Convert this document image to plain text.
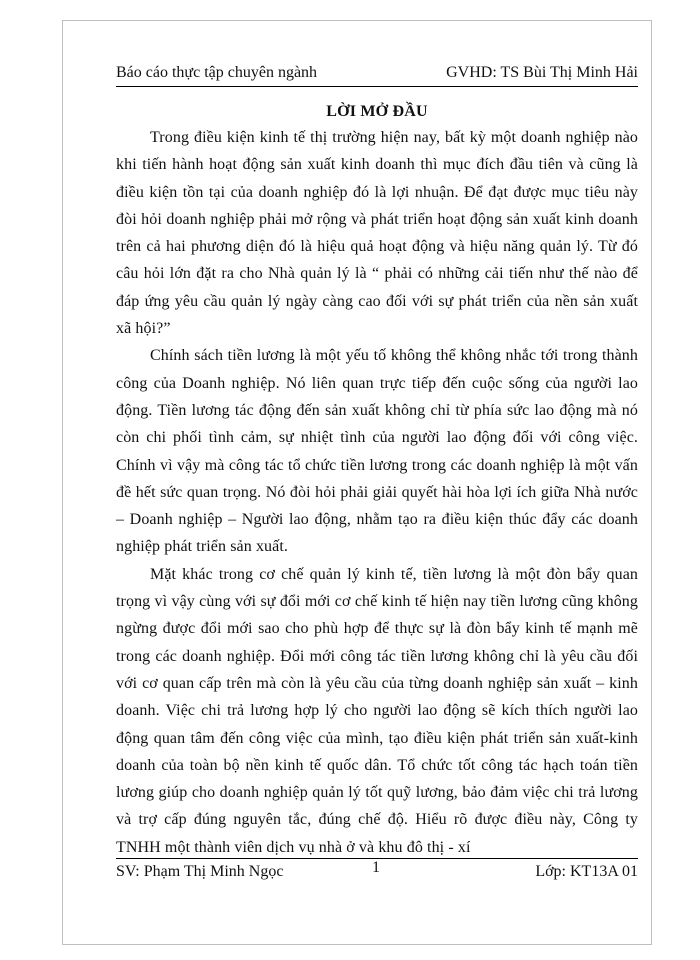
Báo cáo thực tập chuyên ngành	GVHD: TS Bùi Thị Minh Hải
LỜI MỞ ĐẦU

Trong điều kiện kinh tế thị trường hiện nay, bất kỳ một doanh nghiệp nào khi tiến hành hoạt động sản xuất kinh doanh thì mục đích đầu tiên và cũng là điều kiện tồn tại của doanh nghiệp đó là lợi nhuận. Để đạt được mục tiêu này đòi hỏi doanh nghiệp phải mở rộng và phát triển hoạt động sản xuất kinh doanh trên cả hai phương diện đó là hiệu quả hoạt động và hiệu năng quản lý. Từ đó câu hỏi lớn đặt ra cho Nhà quản lý là “ phải có những cải tiến như thế nào để đáp ứng yêu cầu quản lý ngày càng cao đối với sự phát triển của nền sản xuất xã hội?”

Chính sách tiền lương là một yếu tố không thể không nhắc tới trong thành công của Doanh nghiệp. Nó liên quan trực tiếp đến cuộc sống của người lao động. Tiền lương tác động đến sản xuất không chỉ từ phía sức lao động mà nó còn chi phối tình cảm, sự nhiệt tình của người lao động đối với công việc. Chính vì vậy mà công tác tổ chức tiền lương trong các doanh nghiệp là một vấn đề hết sức quan trọng. Nó đòi hỏi phải giải quyết hài hòa lợi ích giữa Nhà nước – Doanh nghiệp – Người lao động, nhằm tạo ra điều kiện thúc đẩy các doanh nghiệp phát triển sản xuất.

Mặt khác trong cơ chế quản lý kinh tế, tiền lương là một đòn bẩy quan trọng vì vậy cùng với sự đổi mới cơ chế kinh tế hiện nay tiền lương cũng không ngừng được đổi mới sao cho phù hợp để thực sự là đòn bẩy kinh tế mạnh mẽ trong các doanh nghiệp. Đổi mới công tác tiền lương không chỉ là yêu cầu đối với cơ quan cấp trên mà còn là yêu cầu của từng doanh nghiệp sản xuất – kinh doanh. Việc chi trả lương hợp lý cho người lao động sẽ kích thích người lao động quan tâm đến công việc của mình, tạo điều kiện phát triển sản xuất-kinh doanh của toàn bộ nền kinh tế quốc dân. Tổ chức tốt công tác hạch toán tiền lương giúp cho doanh nghiệp quản lý tốt quỹ lương, bảo đảm việc chi trả lương và trợ cấp đúng nguyên tắc, đúng chế độ. Hiểu rõ được điều này, Công ty TNHH một thành viên dịch vụ nhà ở và khu đô thị - xí

SV: Phạm Thị Minh Ngọc	1	Lớp: KT13A 01
